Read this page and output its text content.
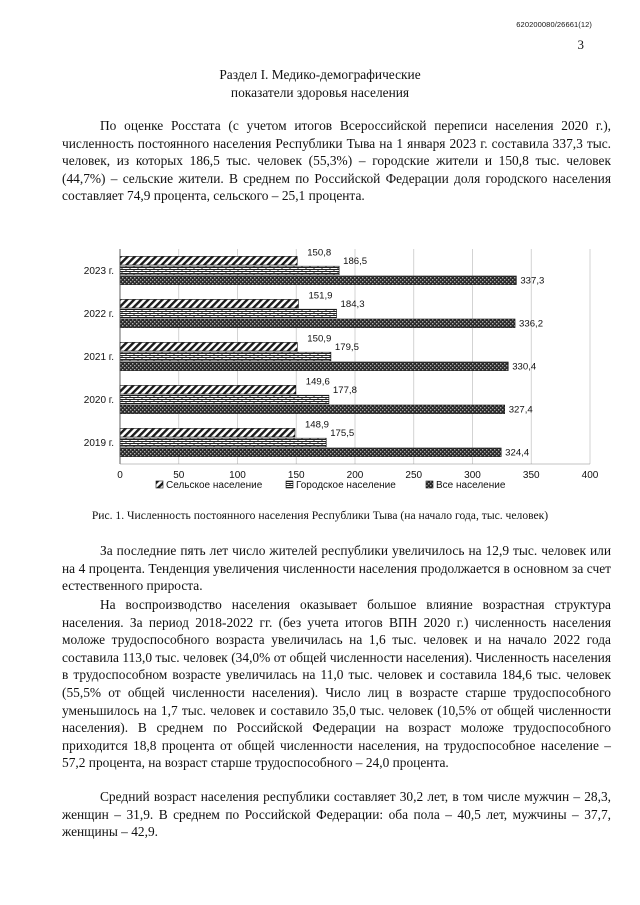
620200080/26661(12)
3
Раздел I. Медико-демографические
показатели здоровья населения

По оценке Росстата (с учетом итогов Всероссийской переписи населения 2020 г.), численность постоянного населения Республики Тыва на 1 января 2023 г. составила 337,3 тыс. человек, из которых 186,5 тыс. человек (55,3%) – городские жители и 150,8 тыс. человек (44,7%) – сельские жители. В среднем по Российской Федерации доля городского населения составляет 74,9 процента, сельского – 25,1 процента.

150,8
186,5
337,3
151,9
184,3
336,2
150,9
179,5
330,4
149,6
177,8
327,4
148,9
175,5
324,4
0	50	100	150	200	250	300	350	400
2023 г.
2022 г.
2021 г.
2020 г.
2019 г.
Сельское население	Городское население	Все население
Рис. 1. Численность постоянного населения Республики Тыва (на начало года, тыс. человек)

За последние пять лет число жителей республики увеличилось на 12,9 тыс. человек или на 4 процента. Тенденция увеличения численности населения продолжается в основном за счет естественного прироста.

На воспроизводство населения оказывает большое влияние возрастная структура населения. За период 2018-2022 гг. (без учета итогов ВПН 2020 г.) численность населения моложе трудоспособного возраста увеличилась на 1,6 тыс. человек и на начало 2022 года составила 113,0 тыс. человек (34,0% от общей численности населения). Численность населения в трудоспособном возрасте увеличилась на 11,0 тыс. человек и составила 184,6 тыс. человек (55,5% от общей численности населения). Число лиц в возрасте старше трудоспособного уменьшилось на 1,7 тыс. человек и составило 35,0 тыс. человек (10,5% от общей численности населения). В среднем по Российской Федерации на возраст моложе трудоспособного приходится 18,8 процента от общей численности населения, на трудоспособное население – 57,2 процента, на возраст старше трудоспособного – 24,0 процента.

Средний возраст населения республики составляет 30,2 лет, в том числе мужчин – 28,3, женщин – 31,9. В среднем по Российской Федерации: оба пола – 40,5 лет, мужчины – 37,7, женщины – 42,9.
